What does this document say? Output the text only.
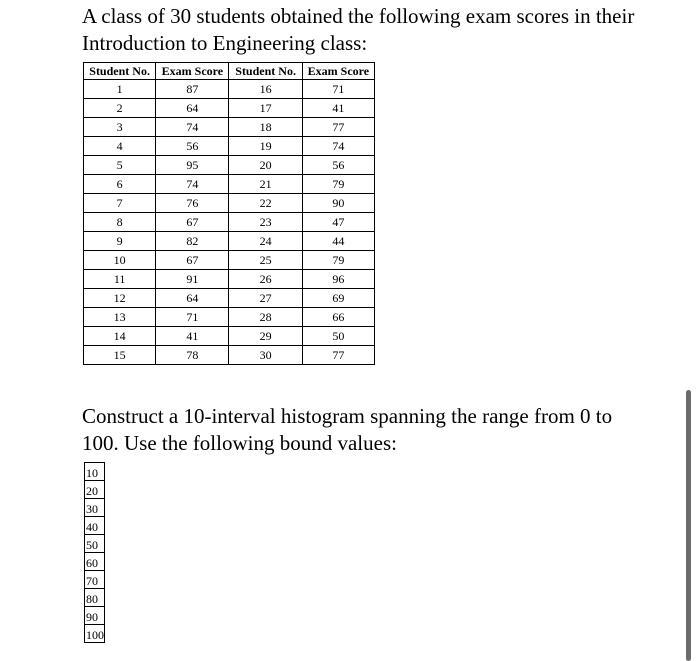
A class of 30 students obtained the following exam scores in their Introduction to Engineering class:

Student No.	Exam Score	Student No.	Exam Score
1	87	16	71
2	64	17	41
3	74	18	77
4	56	19	74
5	95	20	56
6	74	21	79
7	76	22	90
8	67	23	47
9	82	24	44
10	67	25	79
11	91	26	96
12	64	27	69
13	71	28	66
14	41	29	50
15	78	30	77

Construct a 10-interval histogram spanning the range from 0 to 100. Use the following bound values:

10
20
30
40
50
60
70
80
90
100
